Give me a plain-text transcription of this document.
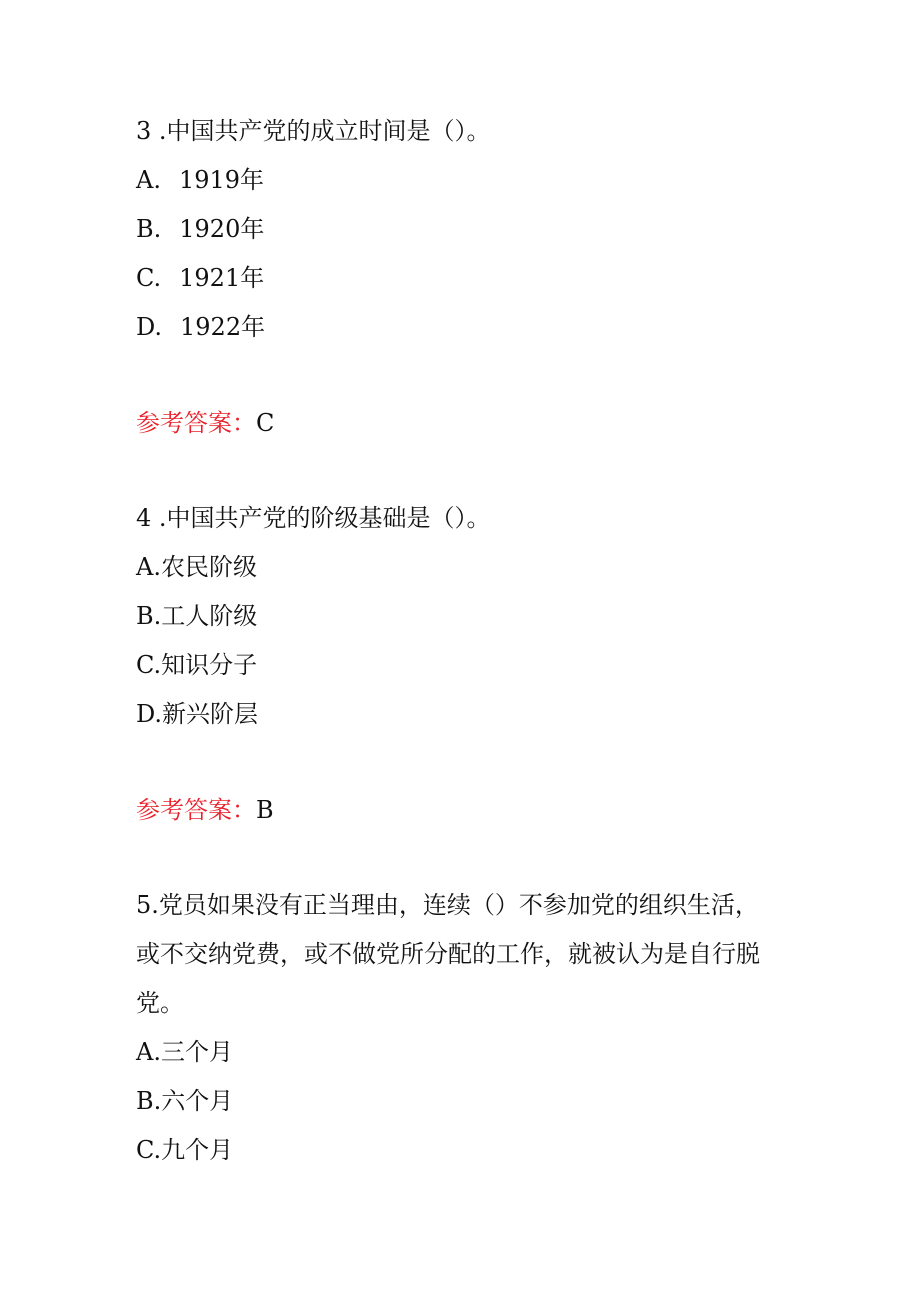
3 .中国共产党的成立时间是（）。
A. 1919年
B. 1920年
C. 1921年
D. 1922年
参考答案：C
4 .中国共产党的阶级基础是（）。
A.农民阶级
B.工人阶级
C.知识分子
D.新兴阶层
参考答案：B
5.党员如果没有正当理由，连续（）不参加党的组织生活，
或不交纳党费，或不做党所分配的工作，就被认为是自行脱
党。
A.三个月
B.六个月
C.九个月
